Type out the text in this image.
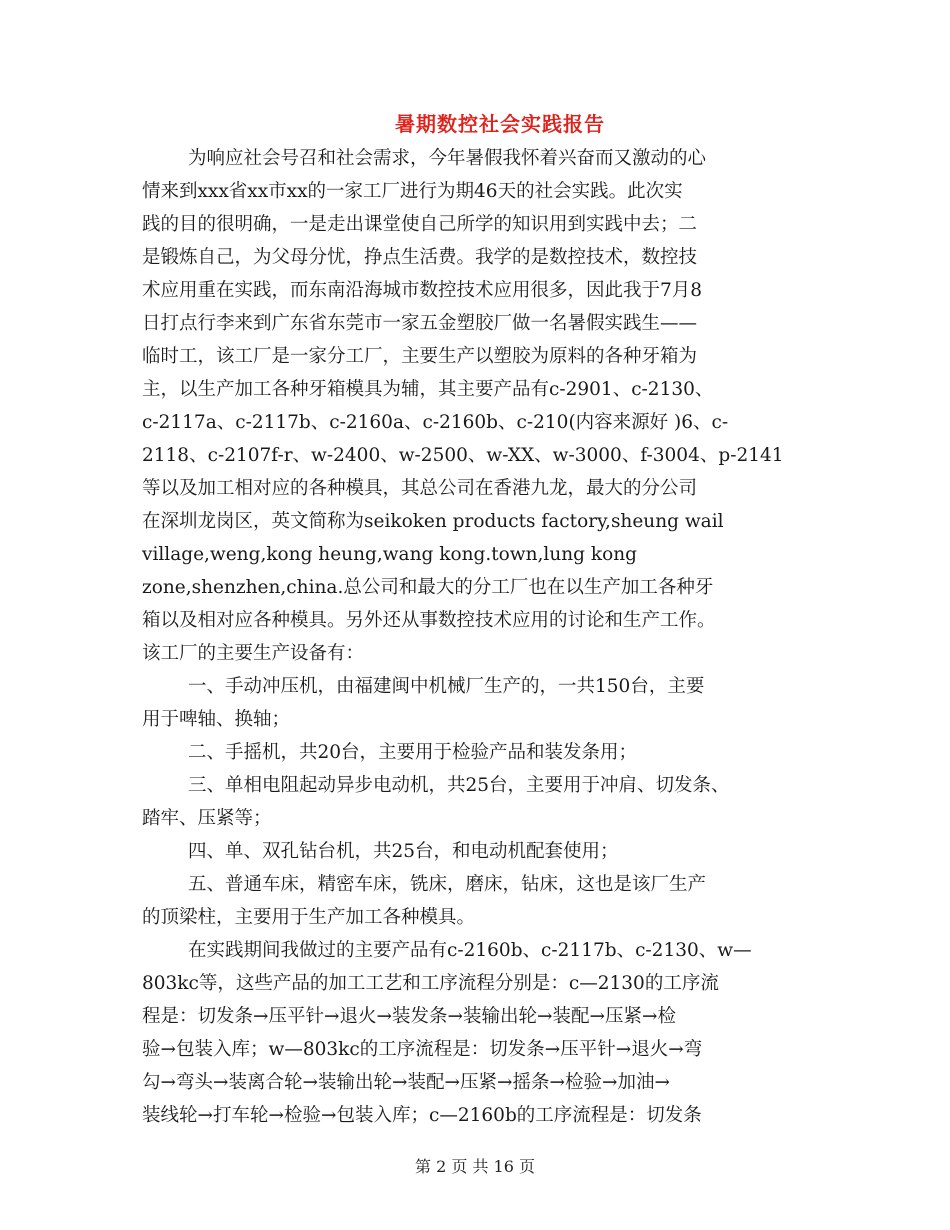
暑期数控社会实践报告
为响应社会号召和社会需求，今年暑假我怀着兴奋而又激动的心
情来到xxx省xx市xx的一家工厂进行为期46天的社会实践。此次实
践的目的很明确，一是走出课堂使自己所学的知识用到实践中去；二
是锻炼自己，为父母分忧，挣点生活费。我学的是数控技术，数控技
术应用重在实践，而东南沿海城市数控技术应用很多，因此我于7月8
日打点行李来到广东省东莞市一家五金塑胶厂做一名暑假实践生——
临时工，该工厂是一家分工厂，主要生产以塑胶为原料的各种牙箱为
主，以生产加工各种牙箱模具为辅，其主要产品有c-2901、c-2130、
c-2117a、c-2117b、c-2160a、c-2160b、c-210(内容来源好 )6、c-
2118、c-2107f-r、w-2400、w-2500、w-XX、w-3000、f-3004、p-2141
等以及加工相对应的各种模具，其总公司在香港九龙，最大的分公司
在深圳龙岗区，英文简称为seikoken products factory,sheung wail
village,weng,kong heung,wang kong.town,lung kong
zone,shenzhen,china.总公司和最大的分工厂也在以生产加工各种牙
箱以及相对应各种模具。另外还从事数控技术应用的讨论和生产工作。
该工厂的主要生产设备有：
一、手动冲压机，由福建闽中机械厂生产的，一共150台，主要
用于啤轴、换轴；
二、手摇机，共20台，主要用于检验产品和装发条用；
三、单相电阻起动异步电动机，共25台，主要用于冲肩、切发条、
踏牢、压紧等；
四、单、双孔钻台机，共25台，和电动机配套使用；
五、普通车床，精密车床，铣床，磨床，钻床，这也是该厂生产
的顶梁柱，主要用于生产加工各种模具。
在实践期间我做过的主要产品有c-2160b、c-2117b、c-2130、w—
803kc等，这些产品的加工工艺和工序流程分别是：c—2130的工序流
程是：切发条→压平针→退火→装发条→装输出轮→装配→压紧→检
验→包装入库；w—803kc的工序流程是：切发条→压平针→退火→弯
勾→弯头→装离合轮→装输出轮→装配→压紧→摇条→检验→加油→
装线轮→打车轮→检验→包装入库；c—2160b的工序流程是：切发条
第 2 页 共 16 页
